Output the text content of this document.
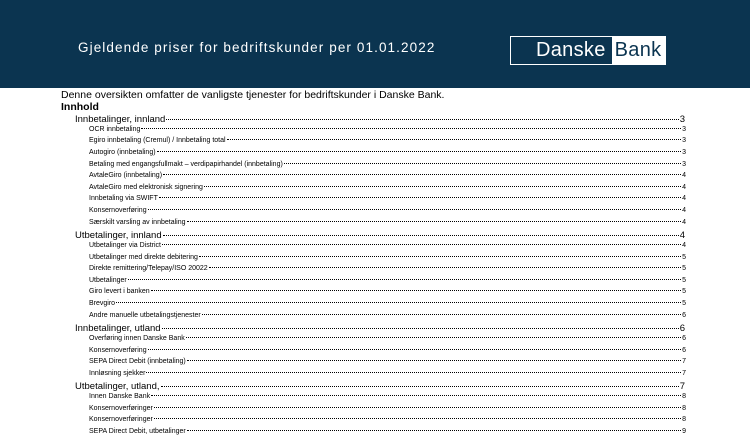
Gjeldende priser for bedriftskunder per 01.01.2022	Danske Bank
Denne oversikten omfatter de vanligste tjenester for bedriftskunder i Danske Bank.
Innhold
Innbetalinger, innland	3
OCR innbetaling	3
Egiro innbetaling (Cremul) / Innbetaling total	3
Autogiro (innbetaling)	3
Betaling med engangsfullmakt – verdipapirhandel (innbetaling)	3
AvtaleGiro (innbetaling)	4
AvtaleGiro med elektronisk signering	4
Innbetaling via SWIFT	4
Konsernoverføring	4
Særskilt varsling av innbetaling	4
Utbetalinger, innland	4
Utbetalinger via District	4
Utbetalinger med direkte debitering	5
Direkte remittering/Telepay/ISO 20022	5
Utbetalinger	5
Giro levert i banken	5
Brevgiro	5
Andre manuelle utbetalingstjenester	6
Innbetalinger, utland	6
Overføring innen Danske Bank	6
Konsernoverføring	6
SEPA Direct Debit (innbetaling)	7
Innløsning sjekker	7
Utbetalinger, utland,	7
Innen Danske Bank	8
Konsernoverføringer	8
Konsernoverføringer	8
SEPA Direct Debit, utbetalinger	9
